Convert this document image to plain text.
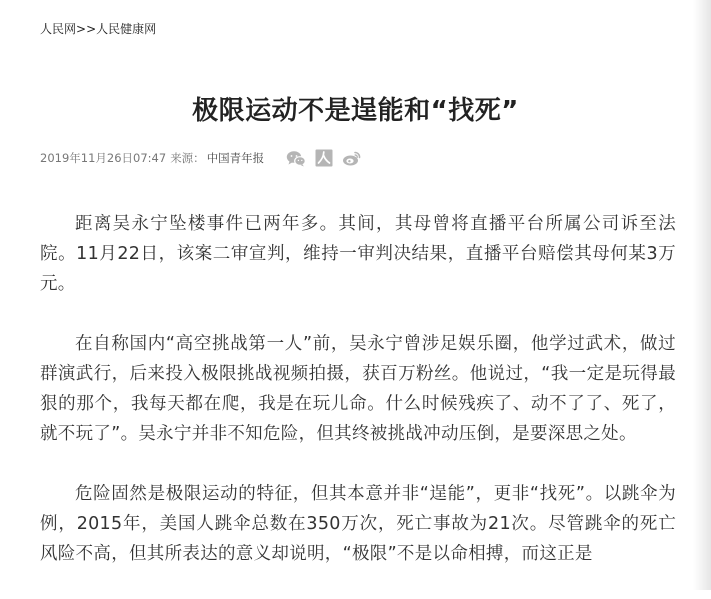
人民网>>人民健康网
极限运动不是逞能和“找死”
2019年11月26日07:47 来源： 中国青年报

距离吴永宁坠楼事件已两年多。其间，其母曾将直播平台所属公司诉至法院。11月22日，该案二审宣判，维持一审判决结果，直播平台赔偿其母何某3万元。

在自称国内“高空挑战第一人”前，吴永宁曾涉足娱乐圈，他学过武术，做过群演武行，后来投入极限挑战视频拍摄，获百万粉丝。他说过，“我一定是玩得最狠的那个，我每天都在爬，我是在玩儿命。什么时候残疾了、动不了了、死了，就不玩了”。吴永宁并非不知危险，但其终被挑战冲动压倒，是要深思之处。

危险固然是极限运动的特征，但其本意并非“逞能”，更非“找死”。以跳伞为例，2015年，美国人跳伞总数在350万次，死亡事故为21次。尽管跳伞的死亡风险不高，但其所表达的意义却说明，“极限”不是以命相搏，而这正是
